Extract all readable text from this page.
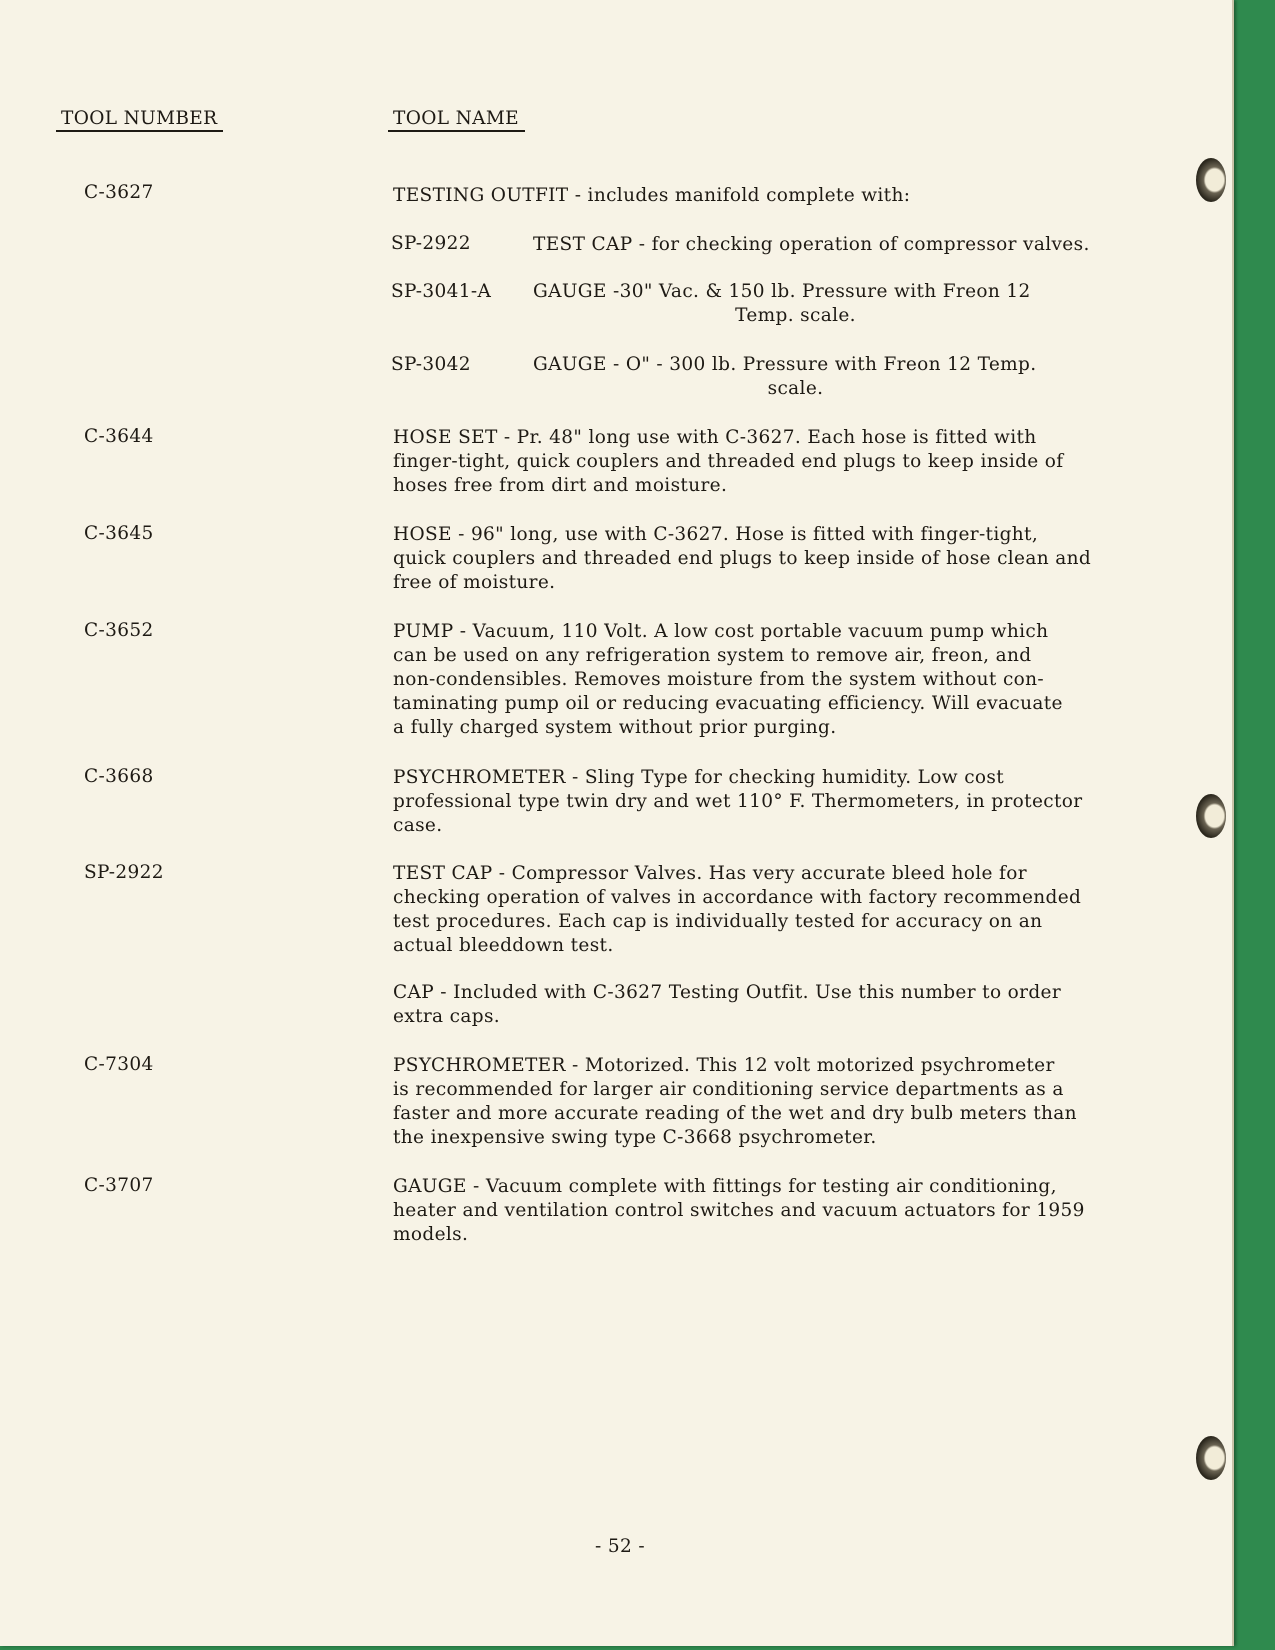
TOOL NUMBER	TOOL NAME
C-3627	TESTING OUTFIT - includes manifold complete with:
SP-2922	TEST CAP - for checking operation of compressor valves.
SP-3041-A GAUGE -30" Vac. & 150 lb. Pressure with Freon 12
Temp. scale.
SP-3042	GAUGE - O" - 300 lb. Pressure with Freon 12 Temp.
scale.
C-3644	HOSE SET - Pr. 48" long use with C-3627. Each hose is fitted with
finger-tight, quick couplers and threaded end plugs to keep inside of
hoses free from dirt and moisture.
C-3645	HOSE - 96" long, use with C-3627. Hose is fitted with finger-tight,
quick couplers and threaded end plugs to keep inside of hose clean and
free of moisture.
C-3652	PUMP - Vacuum, 110 Volt. A low cost portable vacuum pump which
can be used on any refrigeration system to remove air, freon, and
non-condensibles. Removes moisture from the system without con-
taminating pump oil or reducing evacuating efficiency. Will evacuate
a fully charged system without prior purging.
C-3668	PSYCHROMETER - Sling Type for checking humidity. Low cost
professional type twin dry and wet 110° F. Thermometers, in protector
case.
SP-2922	TEST CAP - Compressor Valves. Has very accurate bleed hole for
checking operation of valves in accordance with factory recommended
test procedures. Each cap is individually tested for accuracy on an
actual bleeddown test.
CAP - Included with C-3627 Testing Outfit. Use this number to order
extra caps.
C-7304	PSYCHROMETER - Motorized. This 12 volt motorized psychrometer
is recommended for larger air conditioning service departments as a
faster and more accurate reading of the wet and dry bulb meters than
the inexpensive swing type C-3668 psychrometer.
C-3707	GAUGE - Vacuum complete with fittings for testing air conditioning,
heater and ventilation control switches and vacuum actuators for 1959
models.
- 52 -
